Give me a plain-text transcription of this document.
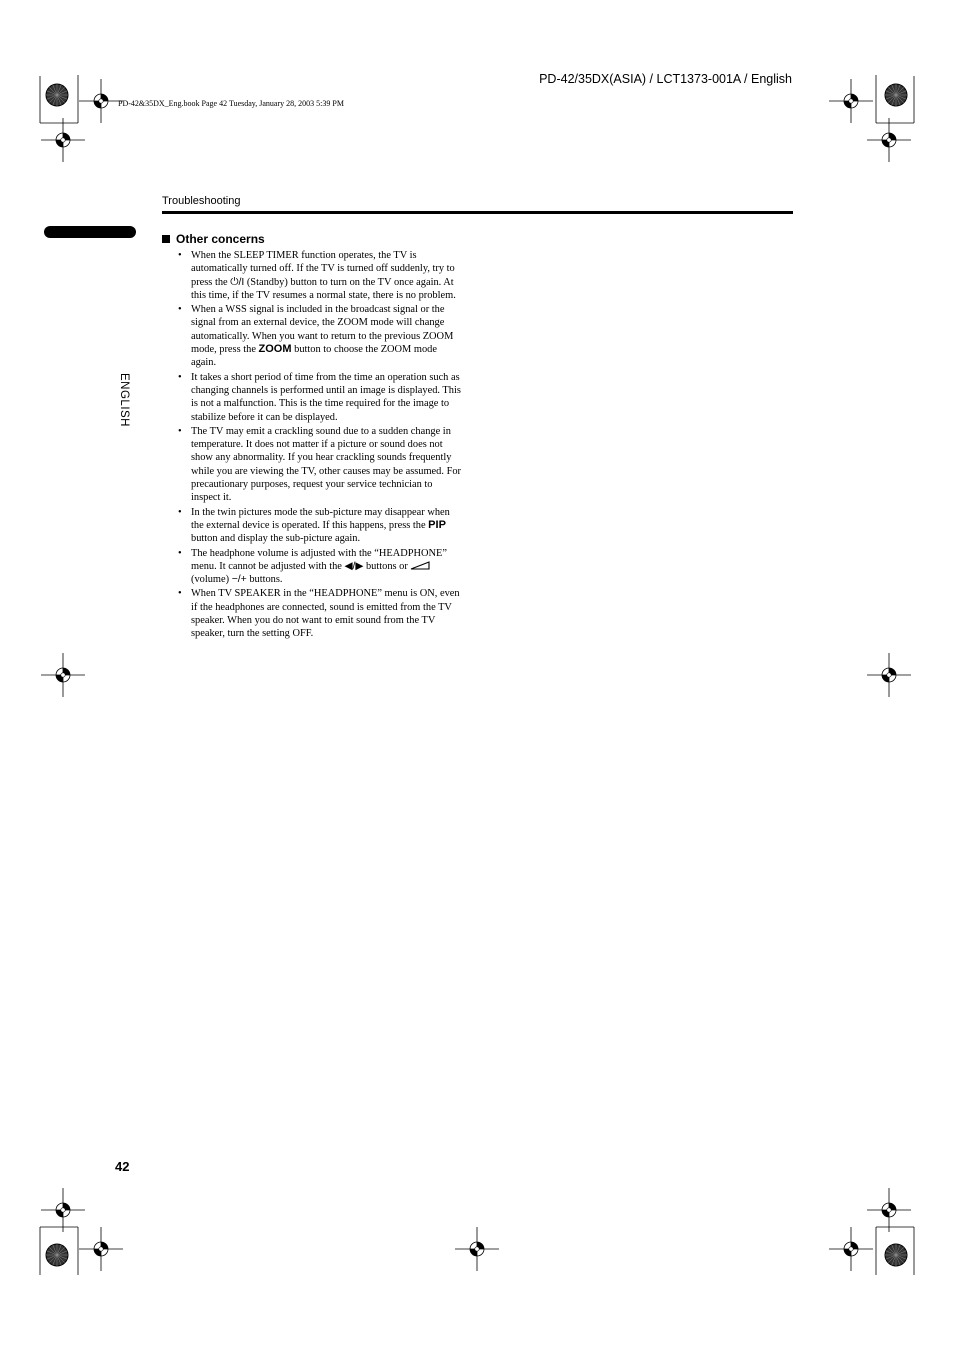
PD-42/35DX(ASIA) / LCT1373-001A / English
PD-42&35DX_Eng.book Page 42 Tuesday, January 28, 2003 5:39 PM
Troubleshooting
ENGLISH
Other concerns
• When the SLEEP TIMER function operates, the TV is automatically turned off. If the TV is turned off suddenly, try to press the ⏻/I (Standby) button to turn on the TV once again. At this time, if the TV resumes a normal state, there is no problem.
• When a WSS signal is included in the broadcast signal or the signal from an external device, the ZOOM mode will change automatically. When you want to return to the previous ZOOM mode, press the ZOOM button to choose the ZOOM mode again.
• It takes a short period of time from the time an operation such as changing channels is performed until an image is displayed. This is not a malfunction. This is the time required for the image to stabilize before it can be displayed.
• The TV may emit a crackling sound due to a sudden change in temperature. It does not matter if a picture or sound does not show any abnormality. If you hear crackling sounds frequently while you are viewing the TV, other causes may be assumed. For precautionary purposes, request your service technician to inspect it.
• In the twin pictures mode the sub-picture may disappear when the external device is operated. If this happens, press the PIP button and display the sub-picture again.
• The headphone volume is adjusted with the “HEADPHONE” menu. It cannot be adjusted with the ◀/▶ buttons or  (volume) −/+ buttons.
• When TV SPEAKER in the “HEADPHONE” menu is ON, even if the headphones are connected, sound is emitted from the TV speaker. When you do not want to emit sound from the TV speaker, turn the setting OFF.
42
